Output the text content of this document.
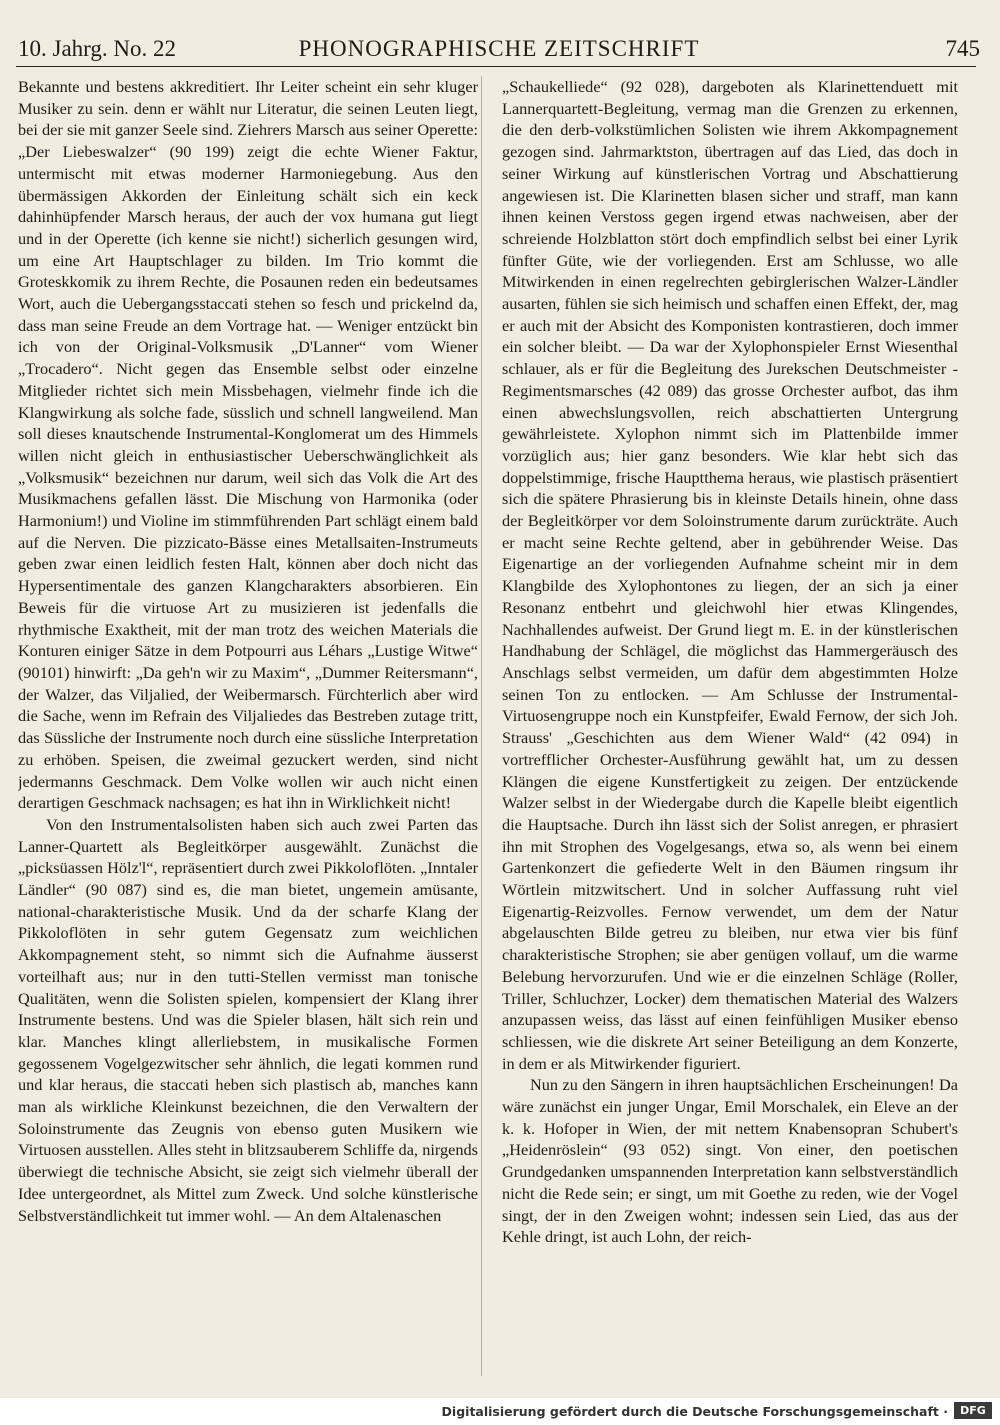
10. Jahrg. No. 22	PHONOGRAPHISCHE ZEITSCHRIFT	745

Bekannte und bestens akkreditiert. Ihr Leiter scheint ein sehr kluger Musiker zu sein. denn er wählt nur Literatur, die seinen Leuten liegt, bei der sie mit ganzer Seele sind. Ziehrers Marsch aus seiner Operette: „Der Liebeswalzer“ (90 199) zeigt die echte Wiener Faktur, untermischt mit etwas moderner Harmoniegebung. Aus den übermässigen Akkorden der Einleitung schält sich ein keck dahinhüpfender Marsch heraus, der auch der vox humana gut liegt und in der Operette (ich kenne sie nicht!) sicherlich gesungen wird, um eine Art Hauptschlager zu bilden. Im Trio kommt die Groteskkomik zu ihrem Rechte, die Posaunen reden ein bedeutsames Wort, auch die Uebergangsstaccati stehen so fesch und prickelnd da, dass man seine Freude an dem Vortrage hat. — Weniger entzückt bin ich von der Original-Volksmusik „D'Lanner“ vom Wiener „Trocadero“. Nicht gegen das Ensemble selbst oder einzelne Mitglieder richtet sich mein Missbehagen, vielmehr finde ich die Klangwirkung als solche fade, süsslich und schnell langweilend. Man soll dieses knautschende Instrumental-Konglomerat um des Himmels willen nicht gleich in enthusiastischer Ueberschwänglichkeit als „Volksmusik“ bezeichnen nur darum, weil sich das Volk die Art des Musikmachens gefallen lässt. Die Mischung von Harmonika (oder Harmonium!) und Violine im stimmführenden Part schlägt einem bald auf die Nerven. Die pizzicato-Bässe eines Metallsaiten-Instrumeuts geben zwar einen leidlich festen Halt, können aber doch nicht das Hypersentimentale des ganzen Klangcharakters absorbieren. Ein Beweis für die virtuose Art zu musizieren ist jedenfalls die rhythmische Exaktheit, mit der man trotz des weichen Materials die Konturen einiger Sätze in dem Potpourri aus Léhars „Lustige Witwe“ (90101) hinwirft: „Da geh'n wir zu Maxim“, „Dummer Reitersmann“, der Walzer, das Viljalied, der Weibermarsch. Fürchterlich aber wird die Sache, wenn im Refrain des Viljaliedes das Bestreben zutage tritt, das Süssliche der Instrumente noch durch eine süssliche Interpretation zu erhöben. Speisen, die zweimal gezuckert werden, sind nicht jedermanns Geschmack. Dem Volke wollen wir auch nicht einen derartigen Geschmack nachsagen; es hat ihn in Wirklichkeit nicht!

Von den Instrumentalsolisten haben sich auch zwei Parten das Lanner-Quartett als Begleitkörper ausgewählt. Zunächst die „picksüassen Hölz'l“, repräsentiert durch zwei Pikkoloflöten. „Inntaler Ländler“ (90 087) sind es, die man bietet, ungemein amüsante, national-charakteristische Musik. Und da der scharfe Klang der Pikkoloflöten in sehr gutem Gegensatz zum weichlichen Akkompagnement steht, so nimmt sich die Aufnahme äusserst vorteilhaft aus; nur in den tutti-Stellen vermisst man tonische Qualitäten, wenn die Solisten spielen, kompensiert der Klang ihrer Instrumente bestens. Und was die Spieler blasen, hält sich rein und klar. Manches klingt allerliebstem, in musikalische Formen gegossenem Vogelgezwitscher sehr ähnlich, die legati kommen rund und klar heraus, die staccati heben sich plastisch ab, manches kann man als wirkliche Kleinkunst bezeichnen, die den Verwaltern der Soloinstrumente das Zeugnis von ebenso guten Musikern wie Virtuosen ausstellen. Alles steht in blitzsauberem Schliffe da, nirgends überwiegt die technische Absicht, sie zeigt sich vielmehr überall der Idee untergeordnet, als Mittel zum Zweck. Und solche künstlerische Selbstverständlichkeit tut immer wohl. — An dem Altalenaschen

„Schaukelliede“ (92 028), dargeboten als Klarinettenduett mit Lannerquartett-Begleitung, vermag man die Grenzen zu erkennen, die den derb-volkstümlichen Solisten wie ihrem Akkompagnement gezogen sind. Jahrmarktston, übertragen auf das Lied, das doch in seiner Wirkung auf künstlerischen Vortrag und Abschattierung angewiesen ist. Die Klarinetten blasen sicher und straff, man kann ihnen keinen Verstoss gegen irgend etwas nachweisen, aber der schreiende Holzblatton stört doch empfindlich selbst bei einer Lyrik fünfter Güte, wie der vorliegenden. Erst am Schlusse, wo alle Mitwirkenden in einen regelrechten gebirglerischen Walzer-Ländler ausarten, fühlen sie sich heimisch und schaffen einen Effekt, der, mag er auch mit der Absicht des Komponisten kontrastieren, doch immer ein solcher bleibt. — Da war der Xylophonspieler Ernst Wiesenthal schlauer, als er für die Begleitung des Jurekschen Deutschmeister - Regimentsmarsches (42 089) das grosse Orchester aufbot, das ihm einen abwechslungsvollen, reich abschattierten Untergrung gewährleistete. Xylophon nimmt sich im Plattenbilde immer vorzüglich aus; hier ganz besonders. Wie klar hebt sich das doppelstimmige, frische Hauptthema heraus, wie plastisch präsentiert sich die spätere Phrasierung bis in kleinste Details hinein, ohne dass der Begleitkörper vor dem Soloinstrumente darum zurückträte. Auch er macht seine Rechte geltend, aber in gebührender Weise. Das Eigenartige an der vorliegenden Aufnahme scheint mir in dem Klangbilde des Xylophontones zu liegen, der an sich ja einer Resonanz entbehrt und gleichwohl hier etwas Klingendes, Nachhallendes aufweist. Der Grund liegt m. E. in der künstlerischen Handhabung der Schlägel, die möglichst das Hammergeräusch des Anschlags selbst vermeiden, um dafür dem abgestimmten Holze seinen Ton zu entlocken. — Am Schlusse der Instrumental-Virtuosengruppe noch ein Kunstpfeifer, Ewald Fernow, der sich Joh. Strauss' „Geschichten aus dem Wiener Wald“ (42 094) in vortrefflicher Orchester-Ausführung gewählt hat, um zu dessen Klängen die eigene Kunstfertigkeit zu zeigen. Der entzückende Walzer selbst in der Wiedergabe durch die Kapelle bleibt eigentlich die Hauptsache. Durch ihn lässt sich der Solist anregen, er phrasiert ihn mit Strophen des Vogelgesangs, etwa so, als wenn bei einem Gartenkonzert die gefiederte Welt in den Bäumen ringsum ihr Wörtlein mitzwitschert. Und in solcher Auffassung ruht viel Eigenartig-Reizvolles. Fernow verwendet, um dem der Natur abgelauschten Bilde getreu zu bleiben, nur etwa vier bis fünf charakteristische Strophen; sie aber genügen vollauf, um die warme Belebung hervorzurufen. Und wie er die einzelnen Schläge (Roller, Triller, Schluchzer, Locker) dem thematischen Material des Walzers anzupassen weiss, das lässt auf einen feinfühligen Musiker ebenso schliessen, wie die diskrete Art seiner Beteiligung an dem Konzerte, in dem er als Mitwirkender figuriert.

Nun zu den Sängern in ihren hauptsächlichen Erscheinungen! Da wäre zunächst ein junger Ungar, Emil Morschalek, ein Eleve an der k. k. Hofoper in Wien, der mit nettem Knabensopran Schubert's „Heidenröslein“ (93 052) singt. Von einer, den poetischen Grundgedanken umspannenden Interpretation kann selbstverständlich nicht die Rede sein; er singt, um mit Goethe zu reden, wie der Vogel singt, der in den Zweigen wohnt; indessen sein Lied, das aus der Kehle dringt, ist auch Lohn, der reich-

Digitalisierung gefördert durch die Deutsche Forschungsgemeinschaft ·	DFG
